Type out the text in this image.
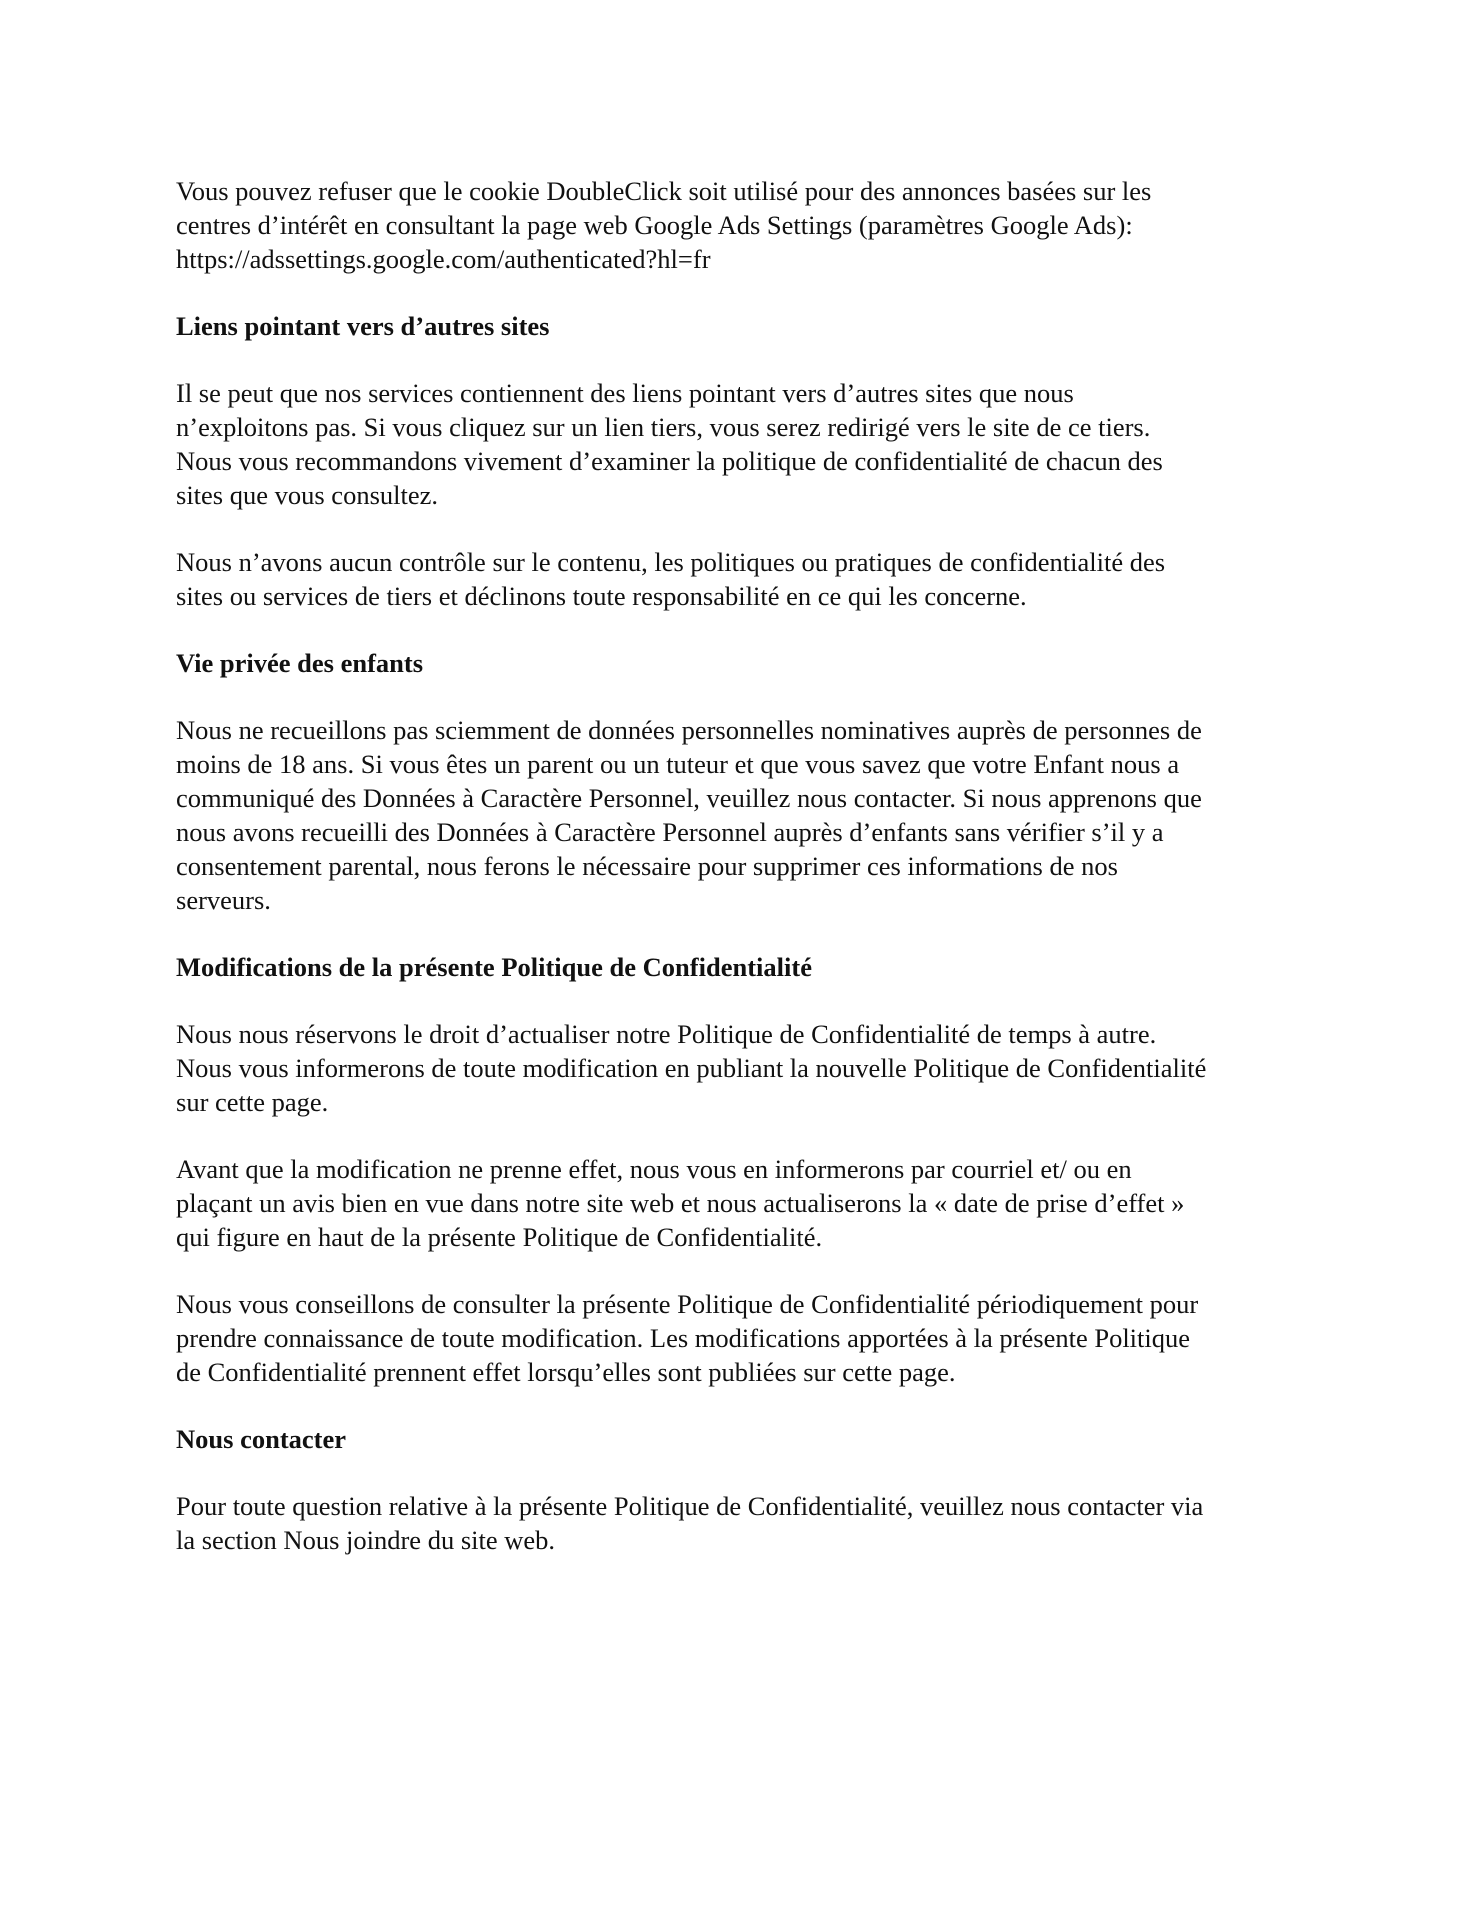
Vous pouvez refuser que le cookie DoubleClick soit utilisé pour des annonces basées sur les
centres d’intérêt en consultant la page web Google Ads Settings (paramètres Google Ads):
https://adssettings.google.com/authenticated?hl=fr

Liens pointant vers d’autres sites

Il se peut que nos services contiennent des liens pointant vers d’autres sites que nous
n’exploitons pas. Si vous cliquez sur un lien tiers, vous serez redirigé vers le site de ce tiers.
Nous vous recommandons vivement d’examiner la politique de confidentialité de chacun des
sites que vous consultez.

Nous n’avons aucun contrôle sur le contenu, les politiques ou pratiques de confidentialité des
sites ou services de tiers et déclinons toute responsabilité en ce qui les concerne.

Vie privée des enfants

Nous ne recueillons pas sciemment de données personnelles nominatives auprès de personnes de
moins de 18 ans. Si vous êtes un parent ou un tuteur et que vous savez que votre Enfant nous a
communiqué des Données à Caractère Personnel, veuillez nous contacter. Si nous apprenons que
nous avons recueilli des Données à Caractère Personnel auprès d’enfants sans vérifier s’il y a
consentement parental, nous ferons le nécessaire pour supprimer ces informations de nos
serveurs.

Modifications de la présente Politique de Confidentialité

Nous nous réservons le droit d’actualiser notre Politique de Confidentialité de temps à autre.
Nous vous informerons de toute modification en publiant la nouvelle Politique de Confidentialité
sur cette page.

Avant que la modification ne prenne effet, nous vous en informerons par courriel et/ ou en
plaçant un avis bien en vue dans notre site web et nous actualiserons la « date de prise d’effet »
qui figure en haut de la présente Politique de Confidentialité.

Nous vous conseillons de consulter la présente Politique de Confidentialité périodiquement pour
prendre connaissance de toute modification. Les modifications apportées à la présente Politique
de Confidentialité prennent effet lorsqu’elles sont publiées sur cette page.

Nous contacter

Pour toute question relative à la présente Politique de Confidentialité, veuillez nous contacter via
la section Nous joindre du site web.
